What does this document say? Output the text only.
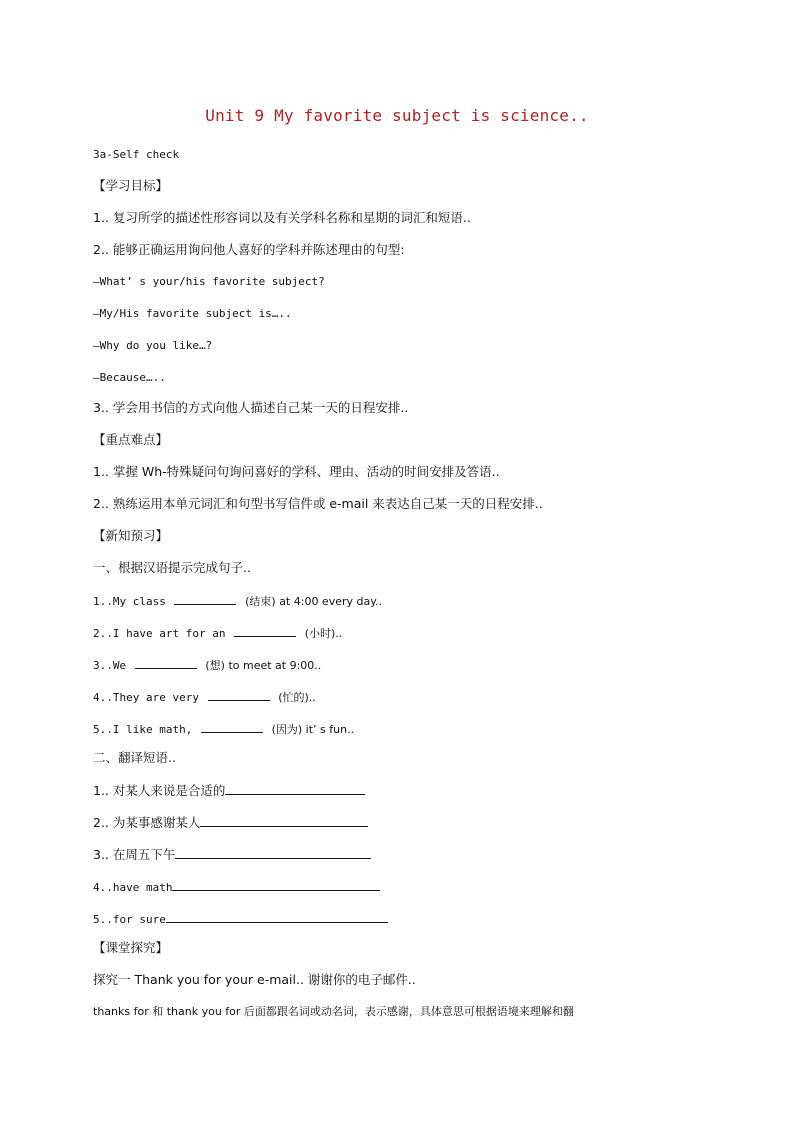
Unit 9 My favorite subject is science..
3a-Self check
【学习目标】
1.. 复习所学的描述性形容词以及有关学科名称和星期的词汇和短语..
2.. 能够正确运用询问他人喜好的学科并陈述理由的句型:
—What’ s your/his favorite subject?
—My/His favorite subject is…..
—Why do you like…?
—Because…..
3.. 学会用书信的方式向他人描述自己某一天的日程安排..
【重点难点】
1.. 掌握 Wh-特殊疑问句询问喜好的学科、理由、活动的时间安排及答语..
2.. 熟练运用本单元词汇和句型书写信件或 e-mail 来表达自己某一天的日程安排..
【新知预习】
一、根据汉语提示完成句子..
1..My class	(结束) at 4:00 every day..
2..I have art for an	(小时)..
3..We	(想) to meet at 9:00..
4..They are very	(忙的)..
5..I like math,	(因为) it’ s fun..
二、翻译短语..
1.. 对某人来说是合适的
2.. 为某事感谢某人
3.. 在周五下午
4..have math
5..for sure
【课堂探究】
探究一 Thank you for your e-mail.. 谢谢你的电子邮件..
thanks for 和 thank you for 后面都跟名词或动名词，表示感谢，具体意思可根据语境来理解和翻
